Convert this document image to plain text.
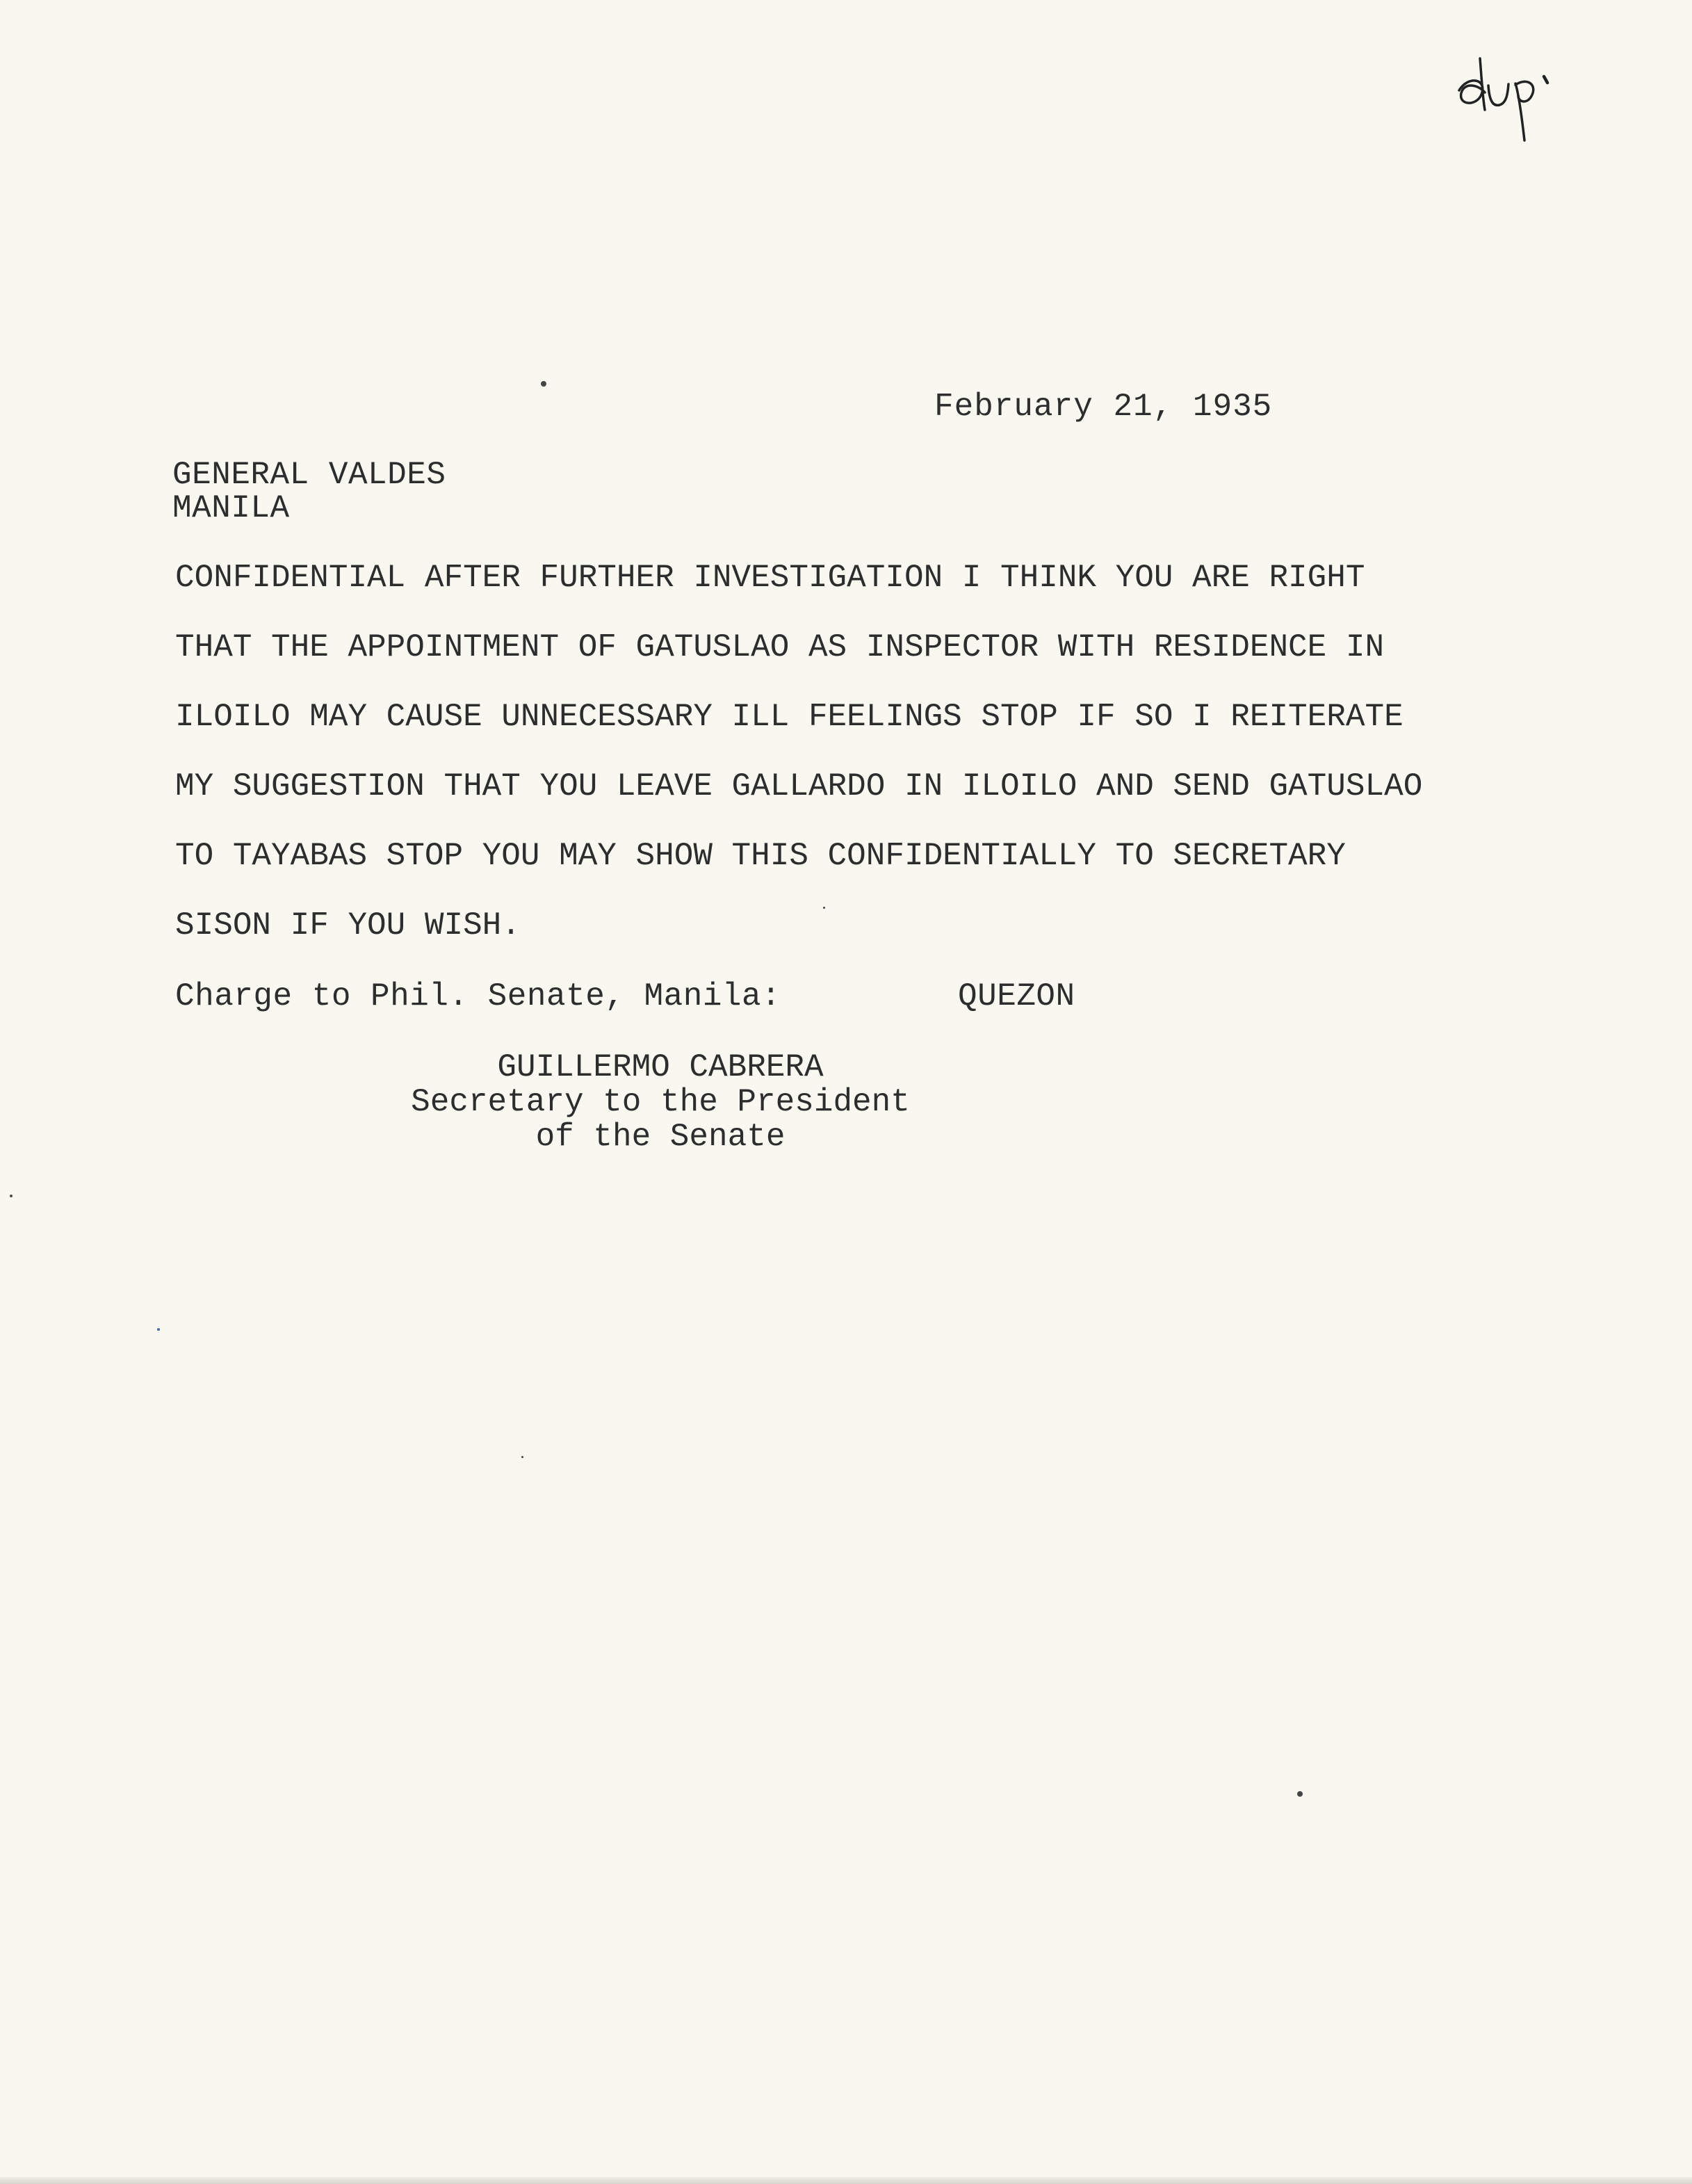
February 21, 1935
GENERAL VALDES
MANILA
CONFIDENTIAL AFTER FURTHER INVESTIGATION I THINK YOU ARE RIGHT
THAT THE APPOINTMENT OF GATUSLAO AS INSPECTOR WITH RESIDENCE IN
ILOILO MAY CAUSE UNNECESSARY ILL FEELINGS STOP IF SO I REITERATE
MY SUGGESTION THAT YOU LEAVE GALLARDO IN ILOILO AND SEND GATUSLAO
TO TAYABAS STOP YOU MAY SHOW THIS CONFIDENTIALLY TO SECRETARY
SISON IF YOU WISH.
Charge to Phil. Senate, Manila:	QUEZON
GUILLERMO CABRERA
Secretary to the President
of the Senate
